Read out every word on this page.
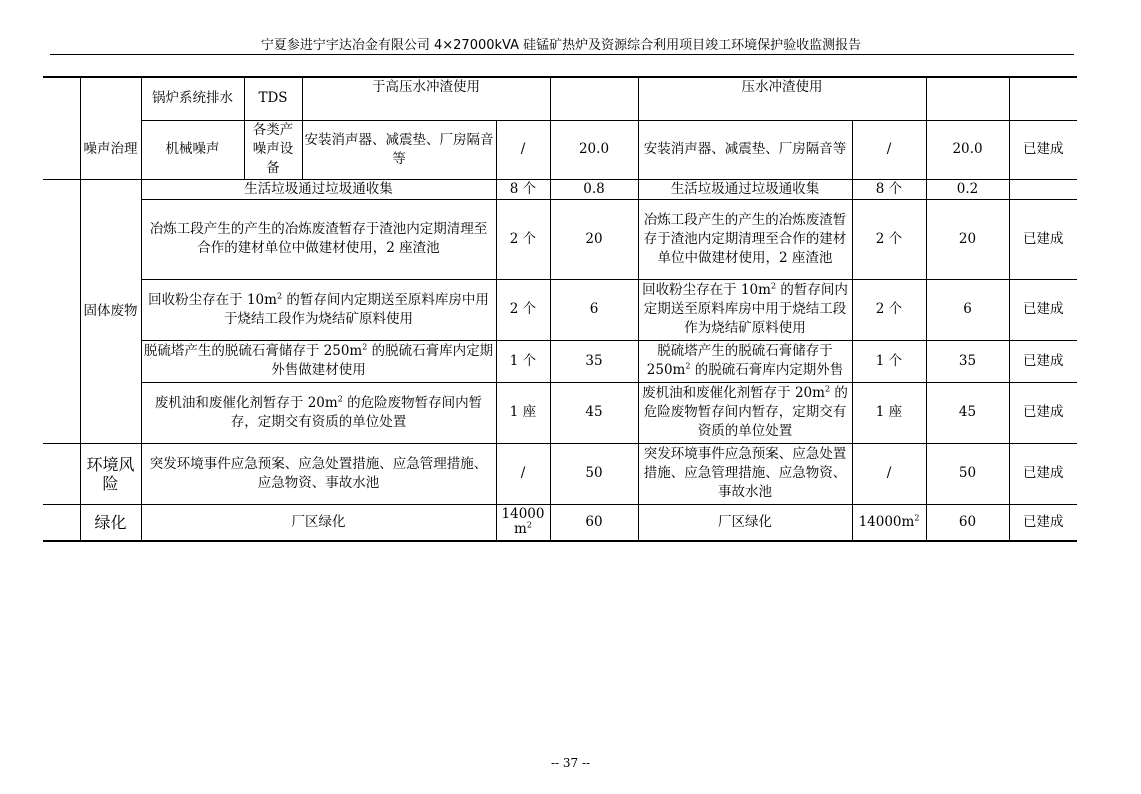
宁夏参进宁宇达冶金有限公司 4×27000kVA 硅锰矿热炉及资源综合利用项目竣工环境保护验收监测报告
		锅炉系统排水	TDS	于高压水冲渣使用			压水冲渣使用			
	噪声治理	机械噪声	各类产噪声设备	安装消声器、减震垫、厂房隔音等	/	20.0	安装消声器、减震垫、厂房隔音等	/	20.0	已建成
	固体废物	生活垃圾通过垃圾通收集			8 个	0.8	生活垃圾通过垃圾通收集	8 个	0.2	
		冶炼工段产生的产生的冶炼废渣暂存于渣池内定期清理至合作的建材单位中做建材使用，2 座渣池			2 个	20	冶炼工段产生的产生的冶炼废渣暂存于渣池内定期清理至合作的建材单位中做建材使用，2 座渣池	2 个	20	已建成
		回收粉尘存在于 $10m^2$ 的暂存间内定期送至原料库房中用于烧结工段作为烧结矿原料使用			2 个	6	回收粉尘存在于 $10m^2$ 的暂存间内定期送至原料库房中用于烧结工段作为烧结矿原料使用	2 个	6	已建成
		脱硫塔产生的脱硫石膏储存于 $250m^2$ 的脱硫石膏库内定期外售做建材使用			1 个	35	脱硫塔产生的脱硫石膏储存于 $250m^2$ 的脱硫石膏库内定期外售	1 个	35	已建成
		废机油和废催化剂暂存于 $20m^2$ 的危险废物暂存间内暂存，定期交有资质的单位处置			1 座	45	废机油和废催化剂暂存于 $20m^2$ 的危险废物暂存间内暂存，定期交有资质的单位处置	1 座	45	已建成
	环境风险	突发环境事件应急预案、应急处置措施、应急管理措施、应急物资、事故水池			/	50	突发环境事件应急预案、应急处置措施、应急管理措施、应急物资、事故水池	/	50	已建成
	绿化	厂区绿化			14000 $m^2$	60	厂区绿化	$14000m^2$	60	已建成
-- 37 --
